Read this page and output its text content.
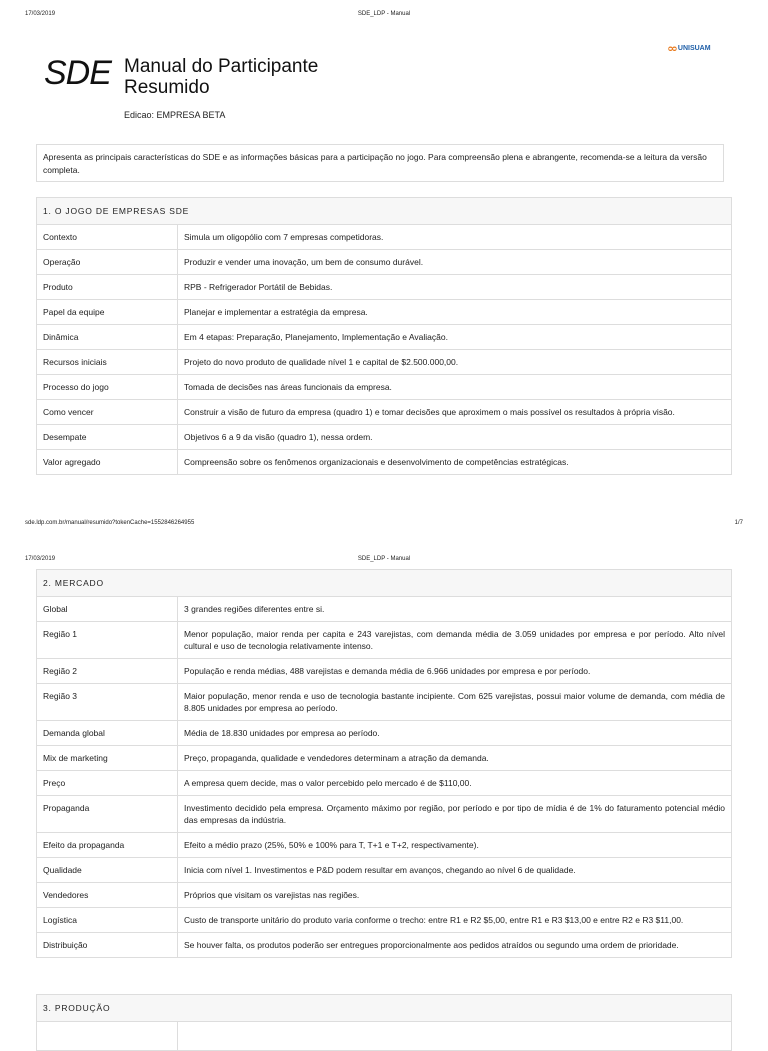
17/03/2019	SDE_LDP - Manual
ᴑᴑ UNISUAM
SDE Manual do Participante
Resumido
Edicao: EMPRESA BETA
Apresenta as principais características do SDE e as informações básicas para a participação no jogo. Para compreensão plena e abrangente, recomenda-se a leitura da versão completa.
1. O JOGO DE EMPRESAS SDE	
Contexto	Simula um oligopólio com 7 empresas competidoras.
Operação	Produzir e vender uma inovação, um bem de consumo durável.
Produto	RPB - Refrigerador Portátil de Bebidas.
Papel da equipe	Planejar e implementar a estratégia da empresa.
Dinâmica	Em 4 etapas: Preparação, Planejamento, Implementação e Avaliação.
Recursos iniciais	Projeto do novo produto de qualidade nível 1 e capital de $2.500.000,00.
Processo do jogo	Tomada de decisões nas áreas funcionais da empresa.
Como vencer	Construir a visão de futuro da empresa (quadro 1) e tomar decisões que aproximem o mais possível os resultados à própria visão.
Desempate	Objetivos 6 a 9 da visão (quadro 1), nessa ordem.
Valor agregado	Compreensão sobre os fenômenos organizacionais e desenvolvimento de competências estratégicas.
sde.ldp.com.br/manual/resumido?tokenCache=1552846264955	1/7
17/03/2019	SDE_LDP - Manual
2. MERCADO	
Global	3 grandes regiões diferentes entre si.
Região 1	Menor população, maior renda per capita e 243 varejistas, com demanda média de 3.059 unidades por empresa e por período. Alto nível cultural e uso de tecnologia relativamente intenso.
Região 2	População e renda médias, 488 varejistas e demanda média de 6.966 unidades por empresa e por período.
Região 3	Maior população, menor renda e uso de tecnologia bastante incipiente. Com 625 varejistas, possui maior volume de demanda, com média de 8.805 unidades por empresa ao período.
Demanda global	Média de 18.830 unidades por empresa ao período.
Mix de marketing	Preço, propaganda, qualidade e vendedores determinam a atração da demanda.
Preço	A empresa quem decide, mas o valor percebido pelo mercado é de $110,00.
Propaganda	Investimento decidido pela empresa. Orçamento máximo por região, por período e por tipo de mídia é de 1% do faturamento potencial médio das empresas da indústria.
Efeito da propaganda	Efeito a médio prazo (25%, 50% e 100% para T, T+1 e T+2, respectivamente).
Qualidade	Inicia com nível 1. Investimentos e P&D podem resultar em avanços, chegando ao nível 6 de qualidade.
Vendedores	Próprios que visitam os varejistas nas regiões.
Logística	Custo de transporte unitário do produto varia conforme o trecho: entre R1 e R2 $5,00, entre R1 e R3 $13,00 e entre R2 e R3 $11,00.
Distribuição	Se houver falta, os produtos poderão ser entregues proporcionalmente aos pedidos atraídos ou segundo uma ordem de prioridade.
3. PRODUÇÃO
